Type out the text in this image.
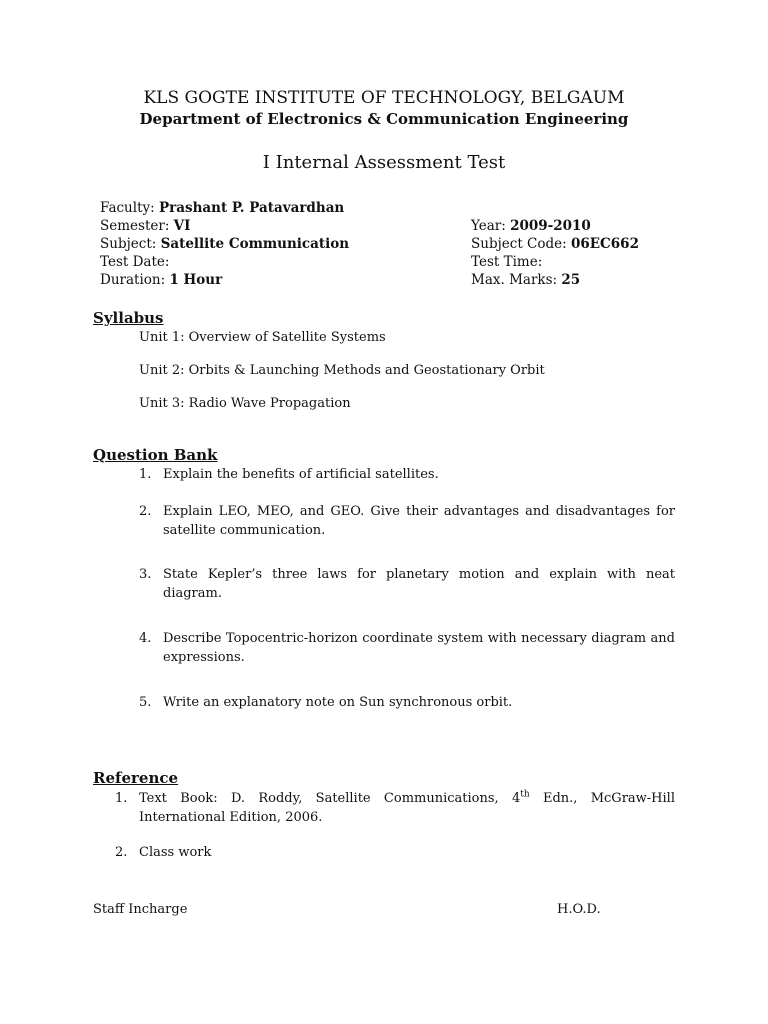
KLS GOGTE INSTITUTE OF TECHNOLOGY, BELGAUM
Department of Electronics & Communication Engineering
I Internal Assessment Test
Faculty: Prashant P. Patavardhan
Semester: VI	Year: 2009-2010
Subject: Satellite Communication	Subject Code: 06EC662
Test Date:	Test Time:
Duration: 1 Hour	Max. Marks: 25
Syllabus
Unit 1: Overview of Satellite Systems
Unit 2: Orbits & Launching Methods and Geostationary Orbit
Unit 3: Radio Wave Propagation
Question Bank
1. Explain the benefits of artificial satellites.
2. Explain LEO, MEO, and GEO. Give their advantages and disadvantages for satellite communication.
3. State Kepler’s three laws for planetary motion and explain with neat diagram.
4. Describe Topocentric-horizon coordinate system with necessary diagram and expressions.
5. Write an explanatory note on Sun synchronous orbit.
Reference
1. Text Book: D. Roddy, Satellite Communications, 4th Edn., McGraw-Hill International Edition, 2006.
2. Class work
Staff Incharge	H.O.D.
